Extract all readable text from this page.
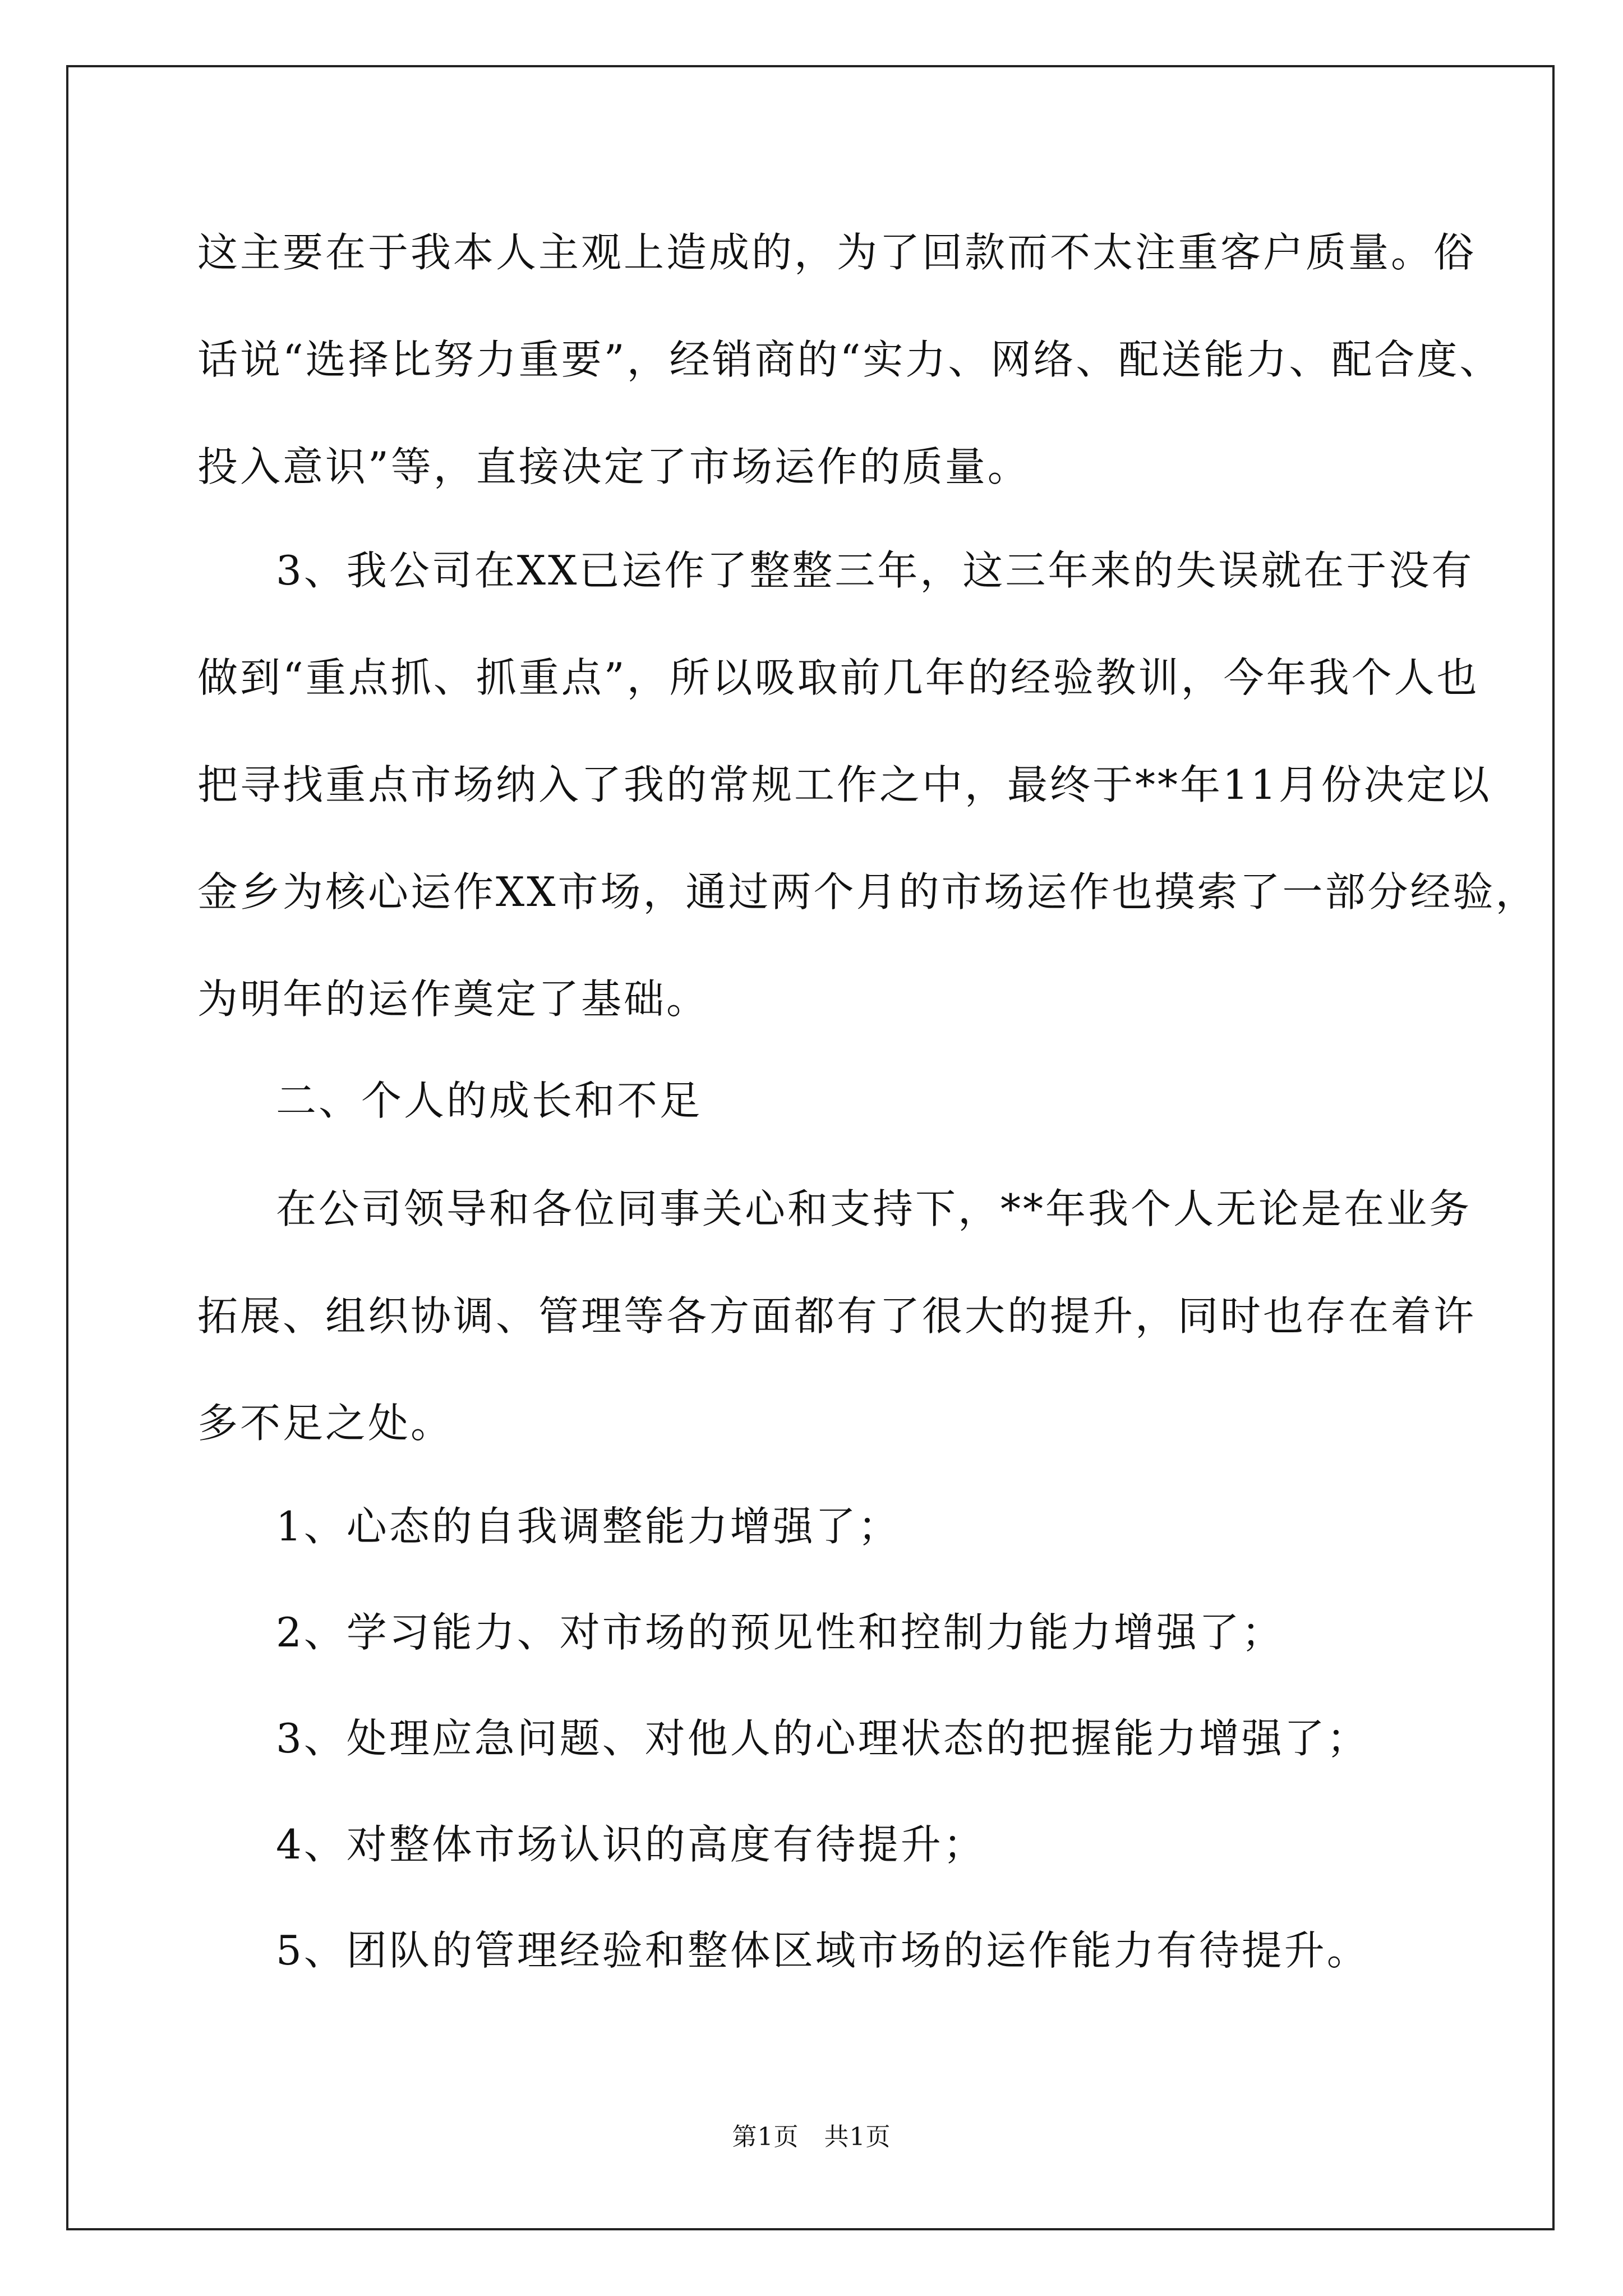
这主要在于我本人主观上造成的，为了回款而不太注重客户质量。俗
话说“选择比努力重要”，经销商的“实力、网络、配送能力、配合度、
投入意识”等，直接决定了市场运作的质量。
3、我公司在XX已运作了整整三年，这三年来的失误就在于没有
做到“重点抓、抓重点”，所以吸取前几年的经验教训，今年我个人也
把寻找重点市场纳入了我的常规工作之中，最终于**年11月份决定以
金乡为核心运作XX市场，通过两个月的市场运作也摸索了一部分经验，
为明年的运作奠定了基础。
二、个人的成长和不足
在公司领导和各位同事关心和支持下，**年我个人无论是在业务
拓展、组织协调、管理等各方面都有了很大的提升，同时也存在着许
多不足之处。
1、心态的自我调整能力增强了；
2、学习能力、对市场的预见性和控制力能力增强了；
3、处理应急问题、对他人的心理状态的把握能力增强了；
4、对整体市场认识的高度有待提升；
5、团队的管理经验和整体区域市场的运作能力有待提升。
第1页   共1页
